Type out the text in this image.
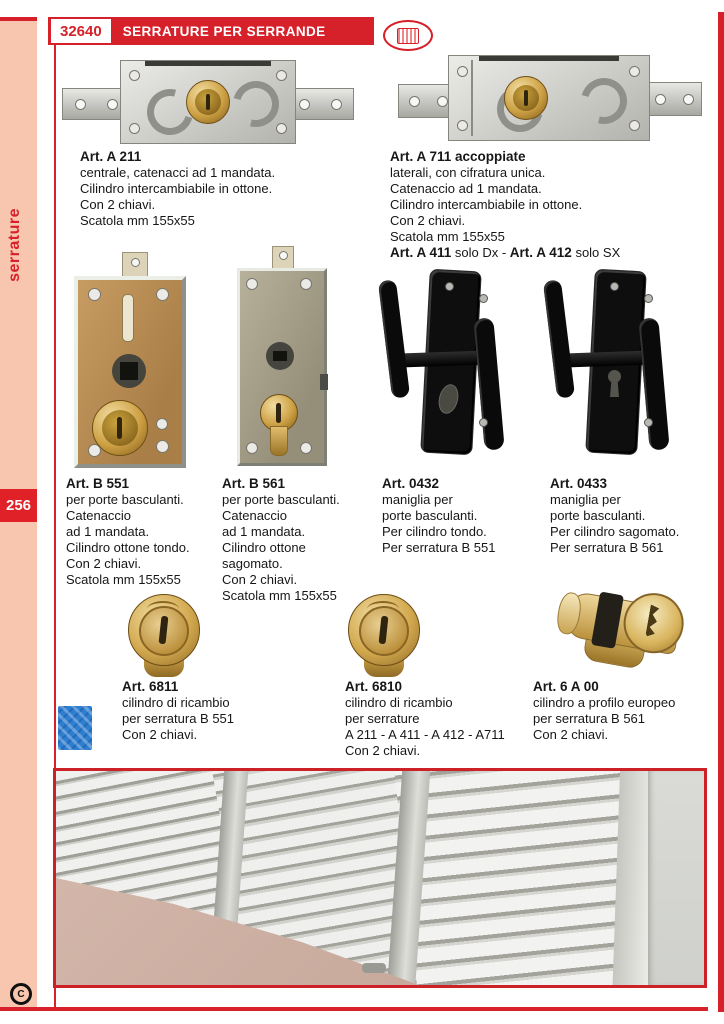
serrature
256
C
32640	SERRATURE PER SERRANDE
Art. A 211
centrale, catenacci ad 1 mandata.
Cilindro intercambiabile in ottone.
Con 2 chiavi.
Scatola mm 155x55
Art. A 711 accoppiate
laterali, con cifratura unica.
Catenaccio ad 1 mandata.
Cilindro intercambiabile in ottone.
Con 2 chiavi.
Scatola mm 155x55
Art. A 411 solo Dx - Art. A 412 solo SX
Art. B 551
per porte basculanti.
Catenaccio
ad 1 mandata.
Cilindro ottone tondo.
Con 2 chiavi.
Scatola mm 155x55
Art. B 561
per porte basculanti.
Catenaccio
ad 1 mandata.
Cilindro ottone
sagomato.
Con 2 chiavi.
Scatola mm 155x55
Art. 0432
maniglia per
porte basculanti.
Per cilindro tondo.
Per serratura B 551
Art. 0433
maniglia per
porte basculanti.
Per cilindro sagomato.
Per serratura B 561
Art. 6811
cilindro di ricambio
per serratura B 551
Con 2 chiavi.
Art. 6810
cilindro di ricambio
per serrature
A 211 - A 411 - A 412 - A711
Con 2 chiavi.
Art. 6 A 00
cilindro a profilo europeo
per serratura B 561
Con 2 chiavi.
